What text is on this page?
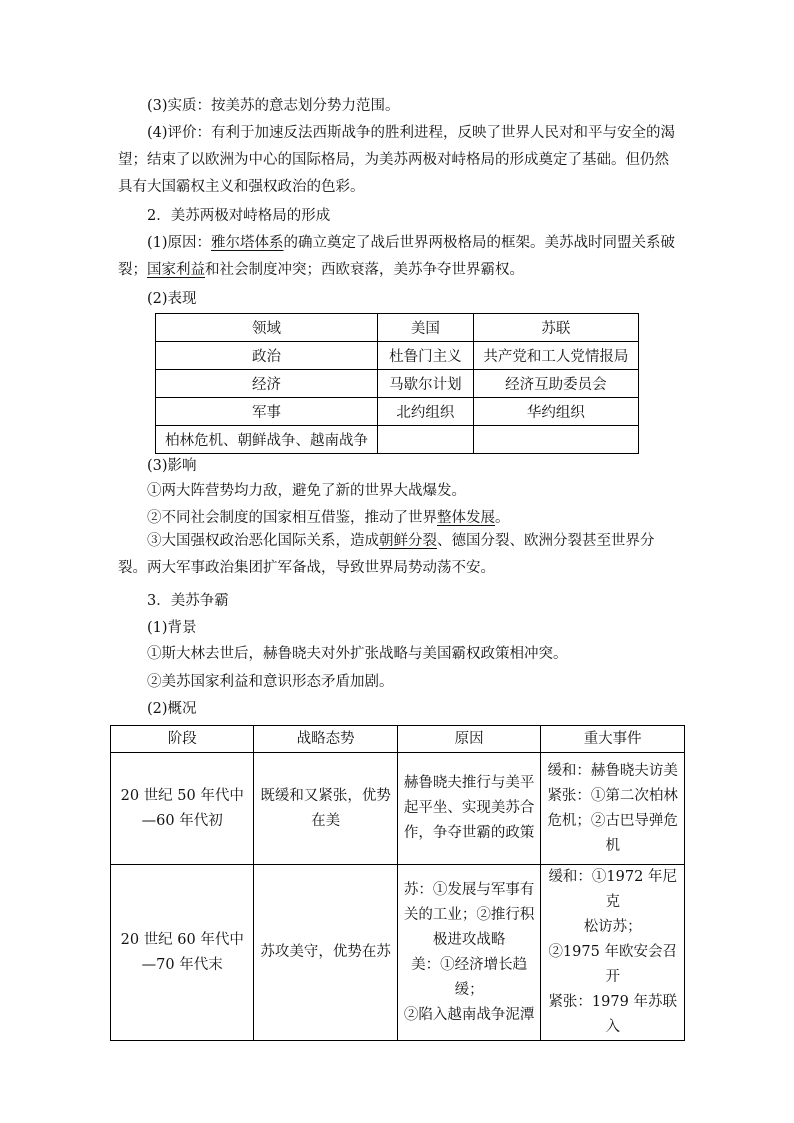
(3)实质：按美苏的意志划分势力范围。
(4)评价：有利于加速反法西斯战争的胜利进程，反映了世界人民对和平与安全的渴望；结束了以欧洲为中心的国际格局，为美苏两极对峙格局的形成奠定了基础。但仍然具有大国霸权主义和强权政治的色彩。
2．美苏两极对峙格局的形成
(1)原因：雅尔塔体系的确立奠定了战后世界两极格局的框架。美苏战时同盟关系破裂；国家利益和社会制度冲突；西欧衰落，美苏争夺世界霸权。
(2)表现
领域	美国	苏联
政治	杜鲁门主义	共产党和工人党情报局
经济	马歇尔计划	经济互助委员会
军事	北约组织	华约组织
柏林危机、朝鲜战争、越南战争		
(3)影响
①两大阵营势均力敌，避免了新的世界大战爆发。
②不同社会制度的国家相互借鉴，推动了世界整体发展。
③大国强权政治恶化国际关系，造成朝鲜分裂、德国分裂、欧洲分裂甚至世界分裂。两大军事政治集团扩军备战，导致世界局势动荡不安。
3．美苏争霸
(1)背景
①斯大林去世后，赫鲁晓夫对外扩张战略与美国霸权政策相冲突。
②美苏国家利益和意识形态矛盾加剧。
(2)概况
阶段	战略态势	原因	重大事件

20 世纪 50 年代中
—60 年代初	既缓和又紧张，优势
在美	赫鲁晓夫推行与美平
起平坐、实现美苏合
作，争夺世霸的政策	缓和：赫鲁晓夫访美
紧张：①第二次柏林
危机；②古巴导弹危
机

20 世纪 60 年代中
—70 年代末	苏攻美守，优势在苏	苏：①发展与军事有
关的工业；②推行积
极进攻战略
美：①经济增长趋缓；
②陷入越南战争泥潭	缓和：①1972 年尼克
松访苏；
②1975 年欧安会召
开
紧张：1979 年苏联入
